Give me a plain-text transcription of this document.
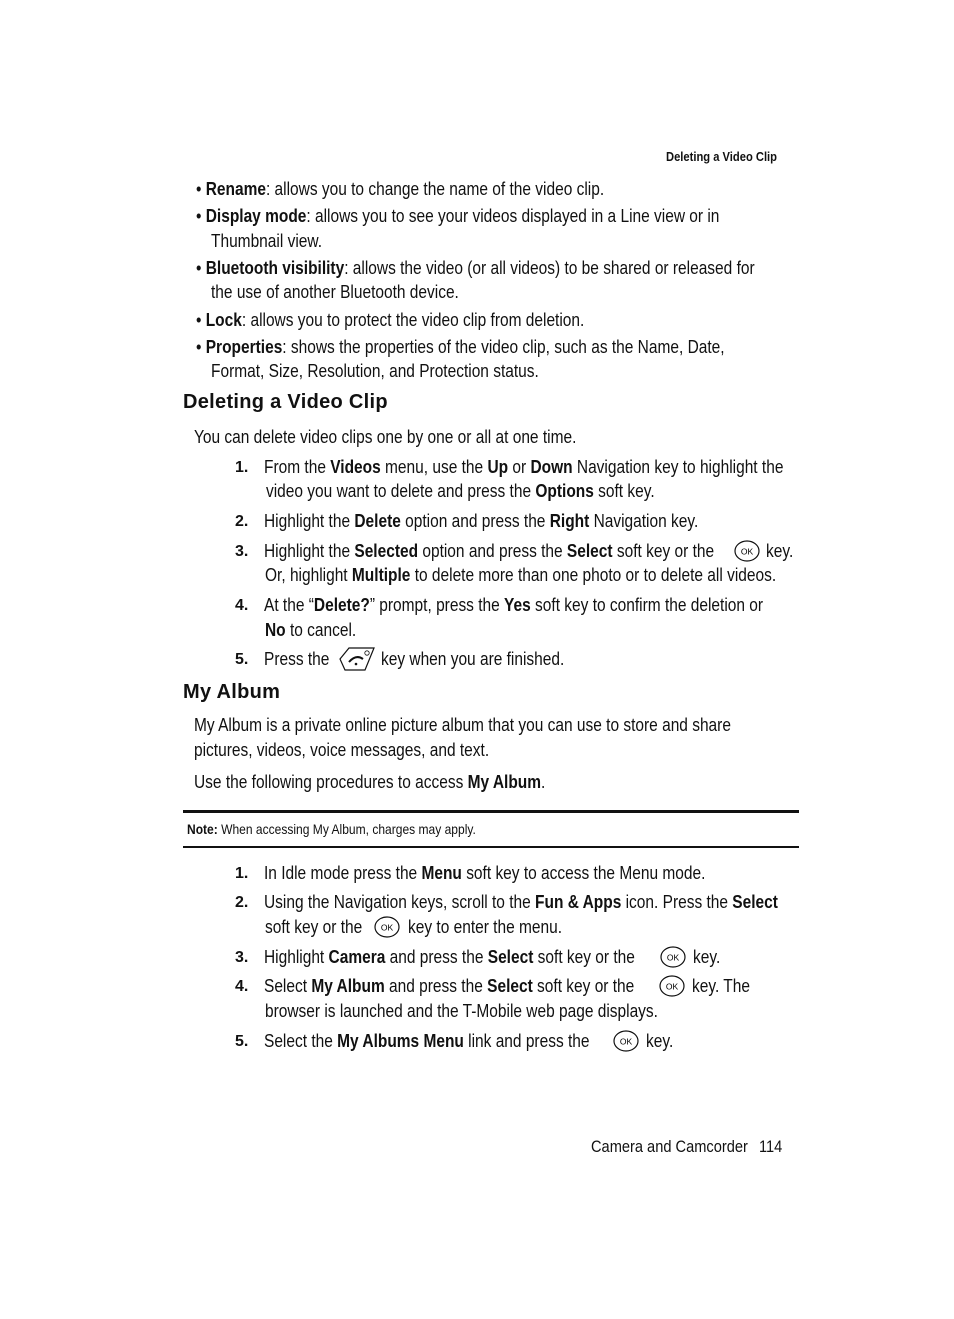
Deleting a Video Clip
• Rename: allows you to change the name of the video clip.
• Display mode: allows you to see your videos displayed in a Line view or in
Thumbnail view.
• Bluetooth visibility: allows the video (or all videos) to be shared or released for
the use of another Bluetooth device.
• Lock: allows you to protect the video clip from deletion.
• Properties: shows the properties of the video clip, such as the Name, Date,
Format, Size, Resolution, and Protection status.
Deleting a Video Clip
You can delete video clips one by one or all at one time.
1. From the Videos menu, use the Up or Down Navigation key to highlight the
video you want to delete and press the Options soft key.
2. Highlight the Delete option and press the Right Navigation key.
3. Highlight the Selected option and press the Select soft key or the	OK key.
Or, highlight Multiple to delete more than one photo or to delete all videos.
4. At the “Delete?” prompt, press the Yes soft key to confirm the deletion or
No to cancel.
5. Press the	key when you are finished.
My Album
My Album is a private online picture album that you can use to store and share
pictures, videos, voice messages, and text.
Use the following procedures to access My Album.
Note: When accessing My Album, charges may apply.
1. In Idle mode press the Menu soft key to access the Menu mode.
2. Using the Navigation keys, scroll to the Fun & Apps icon. Press the Select
soft key or the OK key to enter the menu.
3. Highlight Camera and press the Select soft key or the	OK key.
4. Select My Album and press the Select soft key or the	OK key. The
browser is launched and the T-Mobile web page displays.
5. Select the My Albums Menu link and press the	OK key.
Camera and Camcorder 114
